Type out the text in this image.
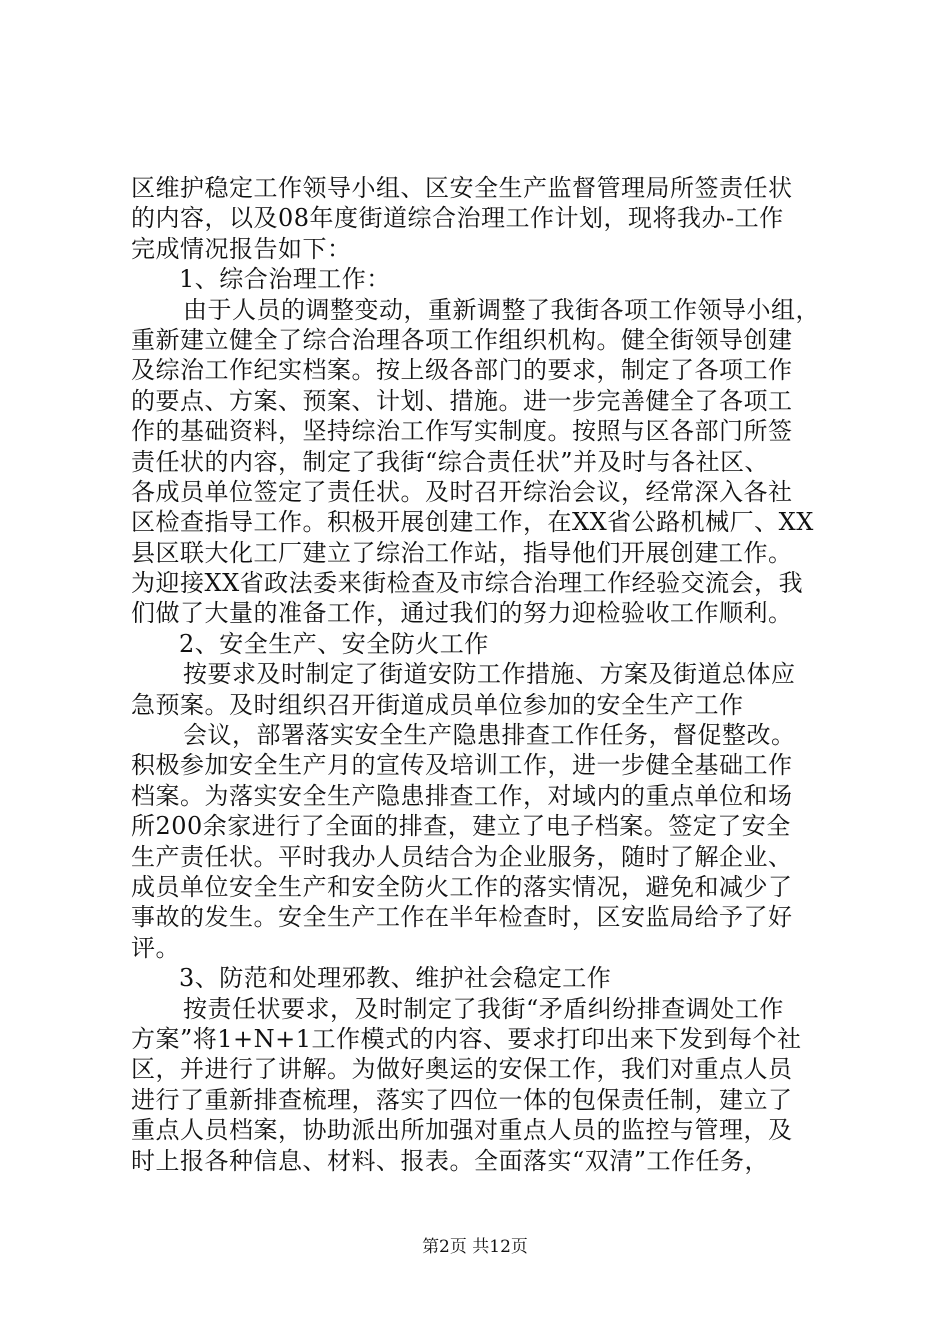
区维护稳定工作领导小组、区安全生产监督管理局所签责任状
的内容，以及08年度街道综合治理工作计划，现将我办-工作
完成情况报告如下：
1、综合治理工作：
由于人员的调整变动，重新调整了我街各项工作领导小组，
重新建立健全了综合治理各项工作组织机构。健全街领导创建
及综治工作纪实档案。按上级各部门的要求，制定了各项工作
的要点、方案、预案、计划、措施。进一步完善健全了各项工
作的基础资料，坚持综治工作写实制度。按照与区各部门所签
责任状的内容，制定了我街“综合责任状”并及时与各社区、
各成员单位签定了责任状。及时召开综治会议，经常深入各社
区检查指导工作。积极开展创建工作，在XX省公路机械厂、XX
县区联大化工厂建立了综治工作站，指导他们开展创建工作。
为迎接XX省政法委来街检查及市综合治理工作经验交流会，我
们做了大量的准备工作，通过我们的努力迎检验收工作顺利。
2、安全生产、安全防火工作
按要求及时制定了街道安防工作措施、方案及街道总体应
急预案。及时组织召开街道成员单位参加的安全生产工作
会议，部署落实安全生产隐患排查工作任务，督促整改。
积极参加安全生产月的宣传及培训工作，进一步健全基础工作
档案。为落实安全生产隐患排查工作，对域内的重点单位和场
所200余家进行了全面的排查，建立了电子档案。签定了安全
生产责任状。平时我办人员结合为企业服务，随时了解企业、
成员单位安全生产和安全防火工作的落实情况，避免和减少了
事故的发生。安全生产工作在半年检查时，区安监局给予了好
评。
3、防范和处理邪教、维护社会稳定工作
按责任状要求，及时制定了我街“矛盾纠纷排查调处工作
方案”将1+N+1工作模式的内容、要求打印出来下发到每个社
区，并进行了讲解。为做好奥运的安保工作，我们对重点人员
进行了重新排查梳理，落实了四位一体的包保责任制，建立了
重点人员档案，协助派出所加强对重点人员的监控与管理，及
时上报各种信息、材料、报表。全面落实“双清”工作任务，
第2页 共12页
